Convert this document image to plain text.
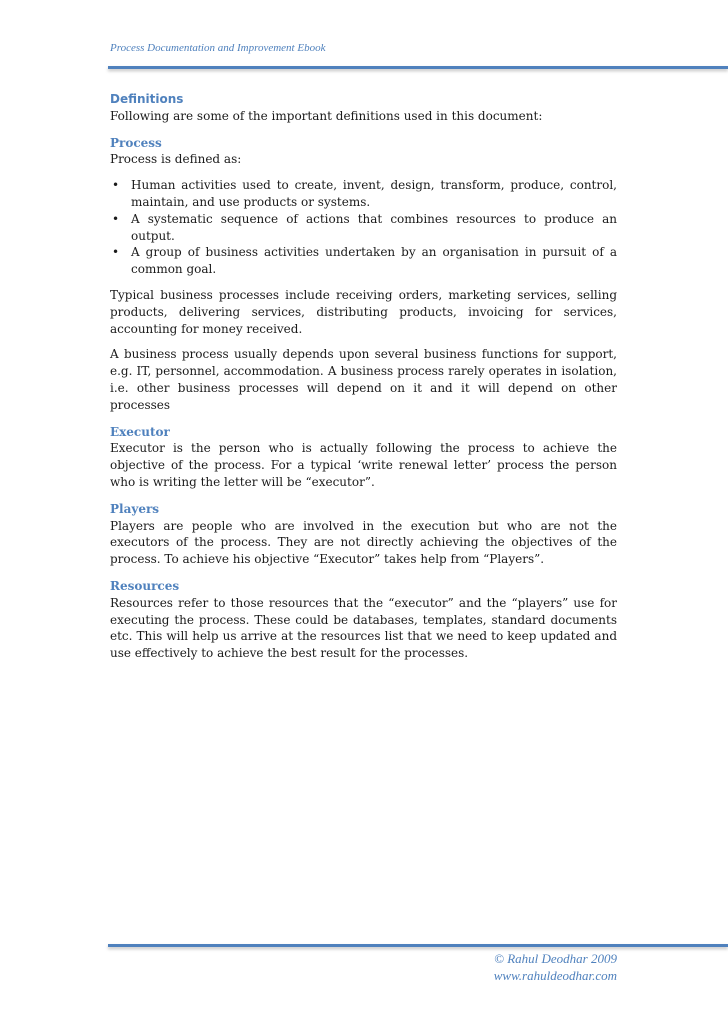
Process Documentation and Improvement Ebook

Definitions

Following are some of the important definitions used in this document:

Process

Process is defined as:

• Human activities used to create, invent, design, transform, produce, control, maintain, and use products or systems.
• A systematic sequence of actions that combines resources to produce an output.
• A group of business activities undertaken by an organisation in pursuit of a common goal.

Typical business processes include receiving orders, marketing services, selling products, delivering services, distributing products, invoicing for services, accounting for money received.

A business process usually depends upon several business functions for support, e.g. IT, personnel, accommodation. A business process rarely operates in isolation, i.e. other business processes will depend on it and it will depend on other processes

Executor

Executor is the person who is actually following the process to achieve the objective of the process. For a typical ‘write renewal letter’ process the person who is writing the letter will be “executor”.

Players

Players are people who are involved in the execution but who are not the executors of the process. They are not directly achieving the objectives of the process. To achieve his objective “Executor” takes help from “Players”.

Resources

Resources refer to those resources that the “executor” and the “players” use for executing the process. These could be databases, templates, standard documents etc. This will help us arrive at the resources list that we need to keep updated and use effectively to achieve the best result for the processes.

© Rahul Deodhar 2009
www.rahuldeodhar.com
